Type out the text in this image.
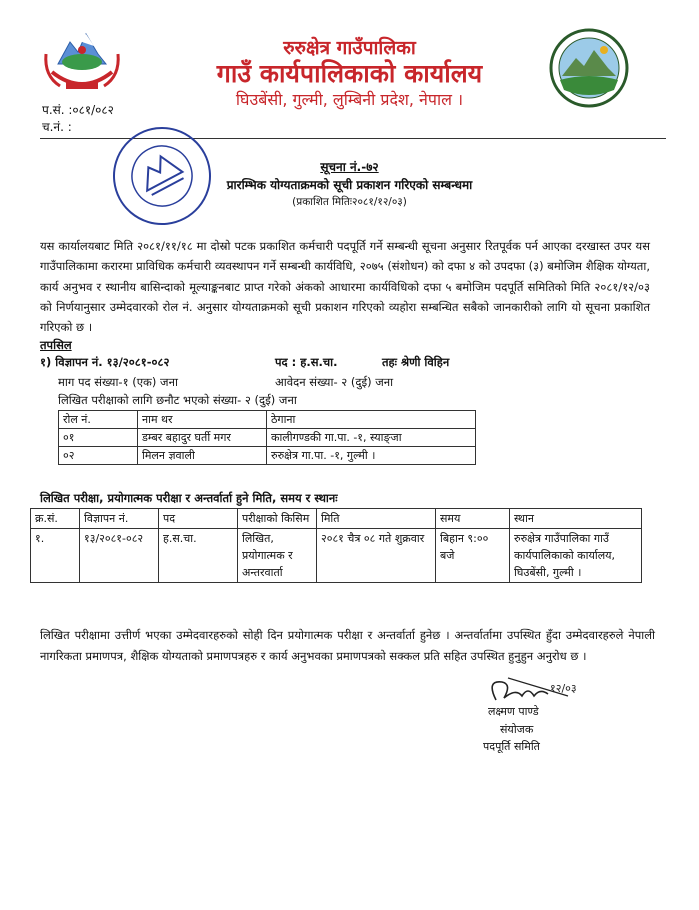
रुरुक्षेत्र गाउँपालिका
गाउँ कार्यपालिकाको कार्यालय
घिउबेंसी, गुल्मी, लुम्बिनी प्रदेश, नेपाल ।
प.सं. :०८१/०८२
च.नं. :
सूचना नं.-७२
प्रारम्भिक योग्यताक्रमको सूची प्रकाशन गरिएको सम्बन्धमा
(प्रकाशित मितिः२०८१/१२/०३)
यस कार्यालयबाट मिति २०८१/११/१८ मा दोस्रो पटक प्रकाशित कर्मचारी पदपूर्ति गर्ने सम्बन्धी सूचना अनुसार रितपूर्वक पर्न आएका दरखास्त उपर यस गाउँपालिकामा करारमा प्राविधिक कर्मचारी व्यवस्थापन गर्ने सम्बन्धी कार्यविधि, २०७५ (संशोधन) को दफा ४ को उपदफा (३) बमोजिम शैक्षिक योग्यता, कार्य अनुभव र स्थानीय बासिन्दाको मूल्याङ्कनबाट प्राप्त गरेको अंकको आधारमा कार्यविधिको दफा ५ बमोजिम पदपूर्ति समितिको मिति २०८१/१२/०३ को निर्णयानुसार उम्मेदवारको रोल नं. अनुसार योग्यताक्रमको सूची प्रकाशन गरिएको व्यहोरा सम्बन्धित सबैको जानकारीको लागि यो सूचना प्रकाशित गरिएको छ ।
तपसिल
१) विज्ञापन नं. १३/२०८१-०८२	पद : ह.स.चा.	तहः श्रेणी विहिन
माग पद संख्या-१ (एक) जना	आवेदन संख्या- २ (दुई) जना
लिखित परीक्षाको लागि छनौट भएको संख्या- २ (दुई) जना
रोल नं.	नाम थर	ठेगाना
०१	डम्बर बहादुर घर्ती मगर	कालीगण्डकी गा.पा. -१, स्याङ्जा
०२	मिलन ज्ञवाली	रुरुक्षेत्र गा.पा. -१, गुल्मी ।
लिखित परीक्षा, प्रयोगात्मक परीक्षा र अन्तर्वार्ता हुने मिति, समय र स्थानः
क्र.सं.	विज्ञापन नं.	पद	परीक्षाको किसिम	मिति	समय	स्थान
१.	१३/२०८१-०८२	ह.स.चा.	लिखित, प्रयोगात्मक र अन्तरवार्ता	२०८१ चैत्र ०८ गते शुक्रवार	बिहान ९:०० बजे	रुरुक्षेत्र गाउँपालिका गाउँ कार्यपालिकाको कार्यालय, घिउबेंसी, गुल्मी ।
लिखित परीक्षामा उत्तीर्ण भएका उम्मेदवारहरुको सोही दिन प्रयोगात्मक परीक्षा र अन्तर्वार्ता हुनेछ । अन्तर्वार्तामा उपस्थित हुँदा उम्मेदवारहरुले नेपाली नागरिकता प्रमाणपत्र, शैक्षिक योग्यताको प्रमाणपत्रहरु र कार्य अनुभवका प्रमाणपत्रको सक्कल प्रति सहित उपस्थित हुनुहुन अनुरोध छ ।
१२/०३
लक्ष्मण पाण्डे
संयोजक
पदपूर्ति समिति
